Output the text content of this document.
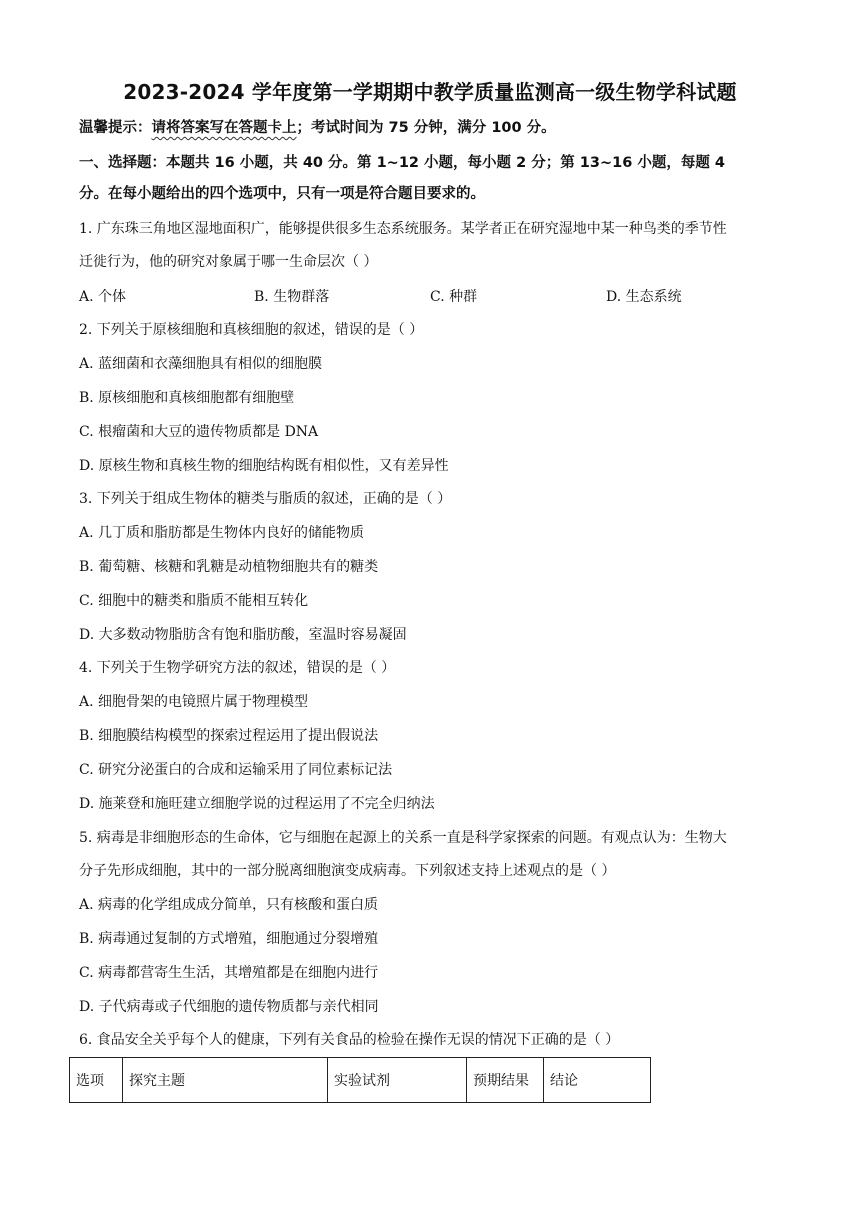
2023-2024 学年度第一学期期中教学质量监测高一级生物学科试题
温馨提示：请将答案写在答题卡上；考试时间为 75 分钟，满分 100 分。
一、选择题：本题共 16 小题，共 40 分。第 1~12 小题，每小题 2 分；第 13~16 小题，每题 4
分。在每小题给出的四个选项中，只有一项是符合题目要求的。
1. 广东珠三角地区湿地面积广，能够提供很多生态系统服务。某学者正在研究湿地中某一种鸟类的季节性
迁徙行为，他的研究对象属于哪一生命层次（ ）
A. 个体	B. 生物群落	C. 种群	D. 生态系统
2. 下列关于原核细胞和真核细胞的叙述，错误的是（ ）
A. 蓝细菌和衣藻细胞具有相似的细胞膜
B. 原核细胞和真核细胞都有细胞壁
C. 根瘤菌和大豆的遗传物质都是 DNA
D. 原核生物和真核生物的细胞结构既有相似性，又有差异性
3. 下列关于组成生物体的糖类与脂质的叙述，正确的是（ ）
A. 几丁质和脂肪都是生物体内良好的储能物质
B. 葡萄糖、核糖和乳糖是动植物细胞共有的糖类
C. 细胞中的糖类和脂质不能相互转化
D. 大多数动物脂肪含有饱和脂肪酸，室温时容易凝固
4. 下列关于生物学研究方法的叙述，错误的是（ ）
A. 细胞骨架的电镜照片属于物理模型
B. 细胞膜结构模型的探索过程运用了提出假说法
C. 研究分泌蛋白的合成和运输采用了同位素标记法
D. 施莱登和施旺建立细胞学说的过程运用了不完全归纳法
5. 病毒是非细胞形态的生命体，它与细胞在起源上的关系一直是科学家探索的问题。有观点认为：生物大
分子先形成细胞，其中的一部分脱离细胞演变成病毒。下列叙述支持上述观点的是（ ）
A. 病毒的化学组成成分简单，只有核酸和蛋白质
B. 病毒通过复制的方式增殖，细胞通过分裂增殖
C. 病毒都营寄生生活，其增殖都是在细胞内进行
D. 子代病毒或子代细胞的遗传物质都与亲代相同
6. 食品安全关乎每个人的健康，下列有关食品的检验在操作无误的情况下正确的是（ ）
选项	探究主题	实验试剂	预期结果	结论
